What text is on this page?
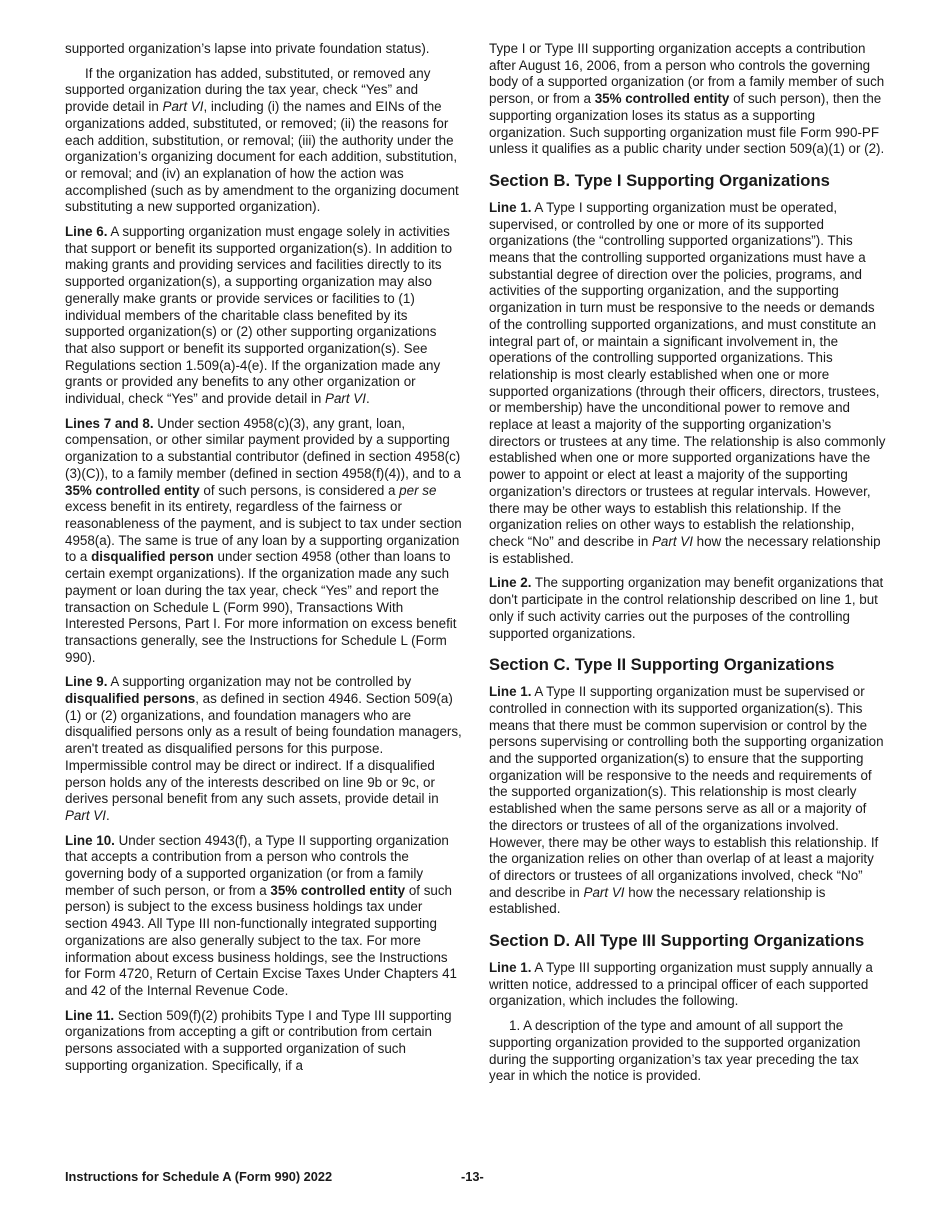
supported organization’s lapse into private foundation status).

If the organization has added, substituted, or removed any supported organization during the tax year, check “Yes” and provide detail in Part VI, including (i) the names and EINs of the organizations added, substituted, or removed; (ii) the reasons for each addition, substitution, or removal; (iii) the authority under the organization’s organizing document for each addition, substitution, or removal; and (iv) an explanation of how the action was accomplished (such as by amendment to the organizing document substituting a new supported organization).

Line 6. A supporting organization must engage solely in activities that support or benefit its supported organization(s). In addition to making grants and providing services and facilities directly to its supported organization(s), a supporting organization may also generally make grants or provide services or facilities to (1) individual members of the charitable class benefited by its supported organization(s) or (2) other supporting organizations that also support or benefit its supported organization(s). See Regulations section 1.509(a)-4(e). If the organization made any grants or provided any benefits to any other organization or individual, check “Yes” and provide detail in Part VI.

Lines 7 and 8. Under section 4958(c)(3), any grant, loan, compensation, or other similar payment provided by a supporting organization to a substantial contributor (defined in section 4958(c)(3)(C)), to a family member (defined in section 4958(f)(4)), and to a 35% controlled entity of such persons, is considered a per se excess benefit in its entirety, regardless of the fairness or reasonableness of the payment, and is subject to tax under section 4958(a). The same is true of any loan by a supporting organization to a disqualified person under section 4958 (other than loans to certain exempt organizations). If the organization made any such payment or loan during the tax year, check “Yes” and report the transaction on Schedule L (Form 990), Transactions With Interested Persons, Part I. For more information on excess benefit transactions generally, see the Instructions for Schedule L (Form 990).

Line 9. A supporting organization may not be controlled by disqualified persons, as defined in section 4946. Section 509(a)(1) or (2) organizations, and foundation managers who are disqualified persons only as a result of being foundation managers, aren't treated as disqualified persons for this purpose. Impermissible control may be direct or indirect. If a disqualified person holds any of the interests described on line 9b or 9c, or derives personal benefit from any such assets, provide detail in Part VI.

Line 10. Under section 4943(f), a Type II supporting organization that accepts a contribution from a person who controls the governing body of a supported organization (or from a family member of such person, or from a 35% controlled entity of such person) is subject to the excess business holdings tax under section 4943. All Type III non-functionally integrated supporting organizations are also generally subject to the tax. For more information about excess business holdings, see the Instructions for Form 4720, Return of Certain Excise Taxes Under Chapters 41 and 42 of the Internal Revenue Code.

Line 11. Section 509(f)(2) prohibits Type I and Type III supporting organizations from accepting a gift or contribution from certain persons associated with a supported organization of such supporting organization. Specifically, if a

Type I or Type III supporting organization accepts a contribution after August 16, 2006, from a person who controls the governing body of a supported organization (or from a family member of such person, or from a 35% controlled entity of such person), then the supporting organization loses its status as a supporting organization. Such supporting organization must file Form 990-PF unless it qualifies as a public charity under section 509(a)(1) or (2).

Section B. Type I Supporting Organizations

Line 1. A Type I supporting organization must be operated, supervised, or controlled by one or more of its supported organizations (the “controlling supported organizations”). This means that the controlling supported organizations must have a substantial degree of direction over the policies, programs, and activities of the supporting organization, and the supporting organization in turn must be responsive to the needs or demands of the controlling supported organizations, and must constitute an integral part of, or maintain a significant involvement in, the operations of the controlling supported organizations. This relationship is most clearly established when one or more supported organizations (through their officers, directors, trustees, or membership) have the unconditional power to remove and replace at least a majority of the supporting organization’s directors or trustees at any time. The relationship is also commonly established when one or more supported organizations have the power to appoint or elect at least a majority of the supporting organization’s directors or trustees at regular intervals. However, there may be other ways to establish this relationship. If the organization relies on other ways to establish the relationship, check “No” and describe in Part VI how the necessary relationship is established.

Line 2. The supporting organization may benefit organizations that don't participate in the control relationship described on line 1, but only if such activity carries out the purposes of the controlling supported organizations.

Section C. Type II Supporting Organizations

Line 1. A Type II supporting organization must be supervised or controlled in connection with its supported organization(s). This means that there must be common supervision or control by the persons supervising or controlling both the supporting organization and the supported organization(s) to ensure that the supporting organization will be responsive to the needs and requirements of the supported organization(s). This relationship is most clearly established when the same persons serve as all or a majority of the directors or trustees of all of the organizations involved. However, there may be other ways to establish this relationship. If the organization relies on other than overlap of at least a majority of directors or trustees of all organizations involved, check “No” and describe in Part VI how the necessary relationship is established.

Section D. All Type III Supporting Organizations

Line 1. A Type III supporting organization must supply annually a written notice, addressed to a principal officer of each supported organization, which includes the following.

1. A description of the type and amount of all support the supporting organization provided to the supported organization during the supporting organization’s tax year preceding the tax year in which the notice is provided.

Instructions for Schedule A (Form 990) 2022	-13-
